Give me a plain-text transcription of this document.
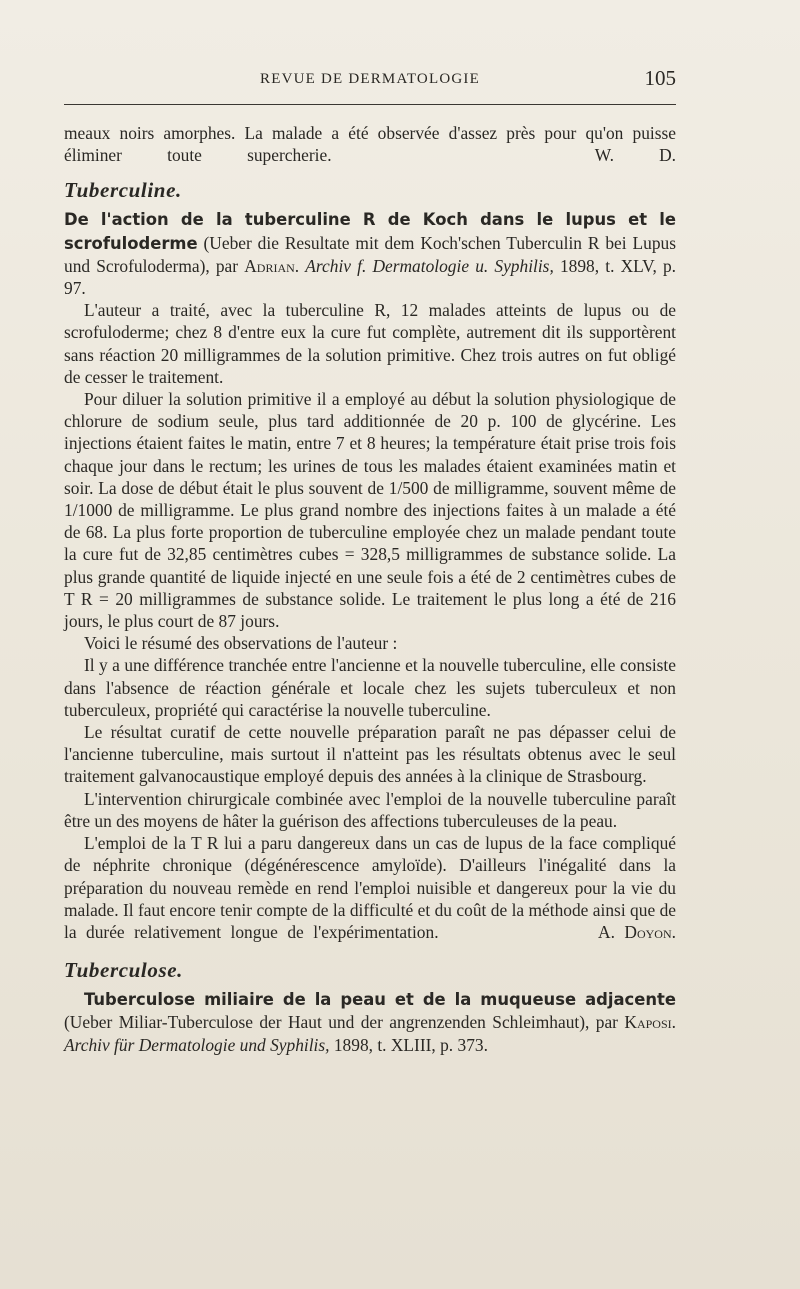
REVUE DE DERMATOLOGIE	105

meaux noirs amorphes. La malade a été observée d'assez près pour qu'on puisse éliminer toute supercherie.	W. D.

Tuberculine.

De l'action de la tuberculine R de Koch dans le lupus et le scrofuloderme (Ueber die Resultate mit dem Koch'schen Tuberculin R bei Lupus und Scrofuloderma), par Adrian. Archiv f. Dermatologie u. Syphilis, 1898, t. XLV, p. 97.

L'auteur a traité, avec la tuberculine R, 12 malades atteints de lupus ou de scrofuloderme; chez 8 d'entre eux la cure fut complète, autrement dit ils supportèrent sans réaction 20 milligrammes de la solution primitive. Chez trois autres on fut obligé de cesser le traitement.

Pour diluer la solution primitive il a employé au début la solution physiologique de chlorure de sodium seule, plus tard additionnée de 20 p. 100 de glycérine. Les injections étaient faites le matin, entre 7 et 8 heures; la température était prise trois fois chaque jour dans le rectum; les urines de tous les malades étaient examinées matin et soir. La dose de début était le plus souvent de 1/500 de milligramme, souvent même de 1/1000 de milligramme. Le plus grand nombre des injections faites à un malade a été de 68. La plus forte proportion de tuberculine employée chez un malade pendant toute la cure fut de 32,85 centimètres cubes = 328,5 milligrammes de substance solide. La plus grande quantité de liquide injecté en une seule fois a été de 2 centimètres cubes de T R = 20 milligrammes de substance solide. Le traitement le plus long a été de 216 jours, le plus court de 87 jours.

Voici le résumé des observations de l'auteur :

Il y a une différence tranchée entre l'ancienne et la nouvelle tuberculine, elle consiste dans l'absence de réaction générale et locale chez les sujets tuberculeux et non tuberculeux, propriété qui caractérise la nouvelle tuberculine.

Le résultat curatif de cette nouvelle préparation paraît ne pas dépasser celui de l'ancienne tuberculine, mais surtout il n'atteint pas les résultats obtenus avec le seul traitement galvanocaustique employé depuis des années à la clinique de Strasbourg.

L'intervention chirurgicale combinée avec l'emploi de la nouvelle tuberculine paraît être un des moyens de hâter la guérison des affections tuberculeuses de la peau.

L'emploi de la T R lui a paru dangereux dans un cas de lupus de la face compliqué de néphrite chronique (dégénérescence amyloïde). D'ailleurs l'inégalité dans la préparation du nouveau remède en rend l'emploi nuisible et dangereux pour la vie du malade. Il faut encore tenir compte de la difficulté et du coût de la méthode ainsi que de la durée relativement longue de l'expérimentation.	A. Doyon.

Tuberculose.

Tuberculose miliaire de la peau et de la muqueuse adjacente (Ueber Miliar-Tuberculose der Haut und der angrenzenden Schleimhaut), par Kaposi. Archiv für Dermatologie und Syphilis, 1898, t. XLIII, p. 373.
